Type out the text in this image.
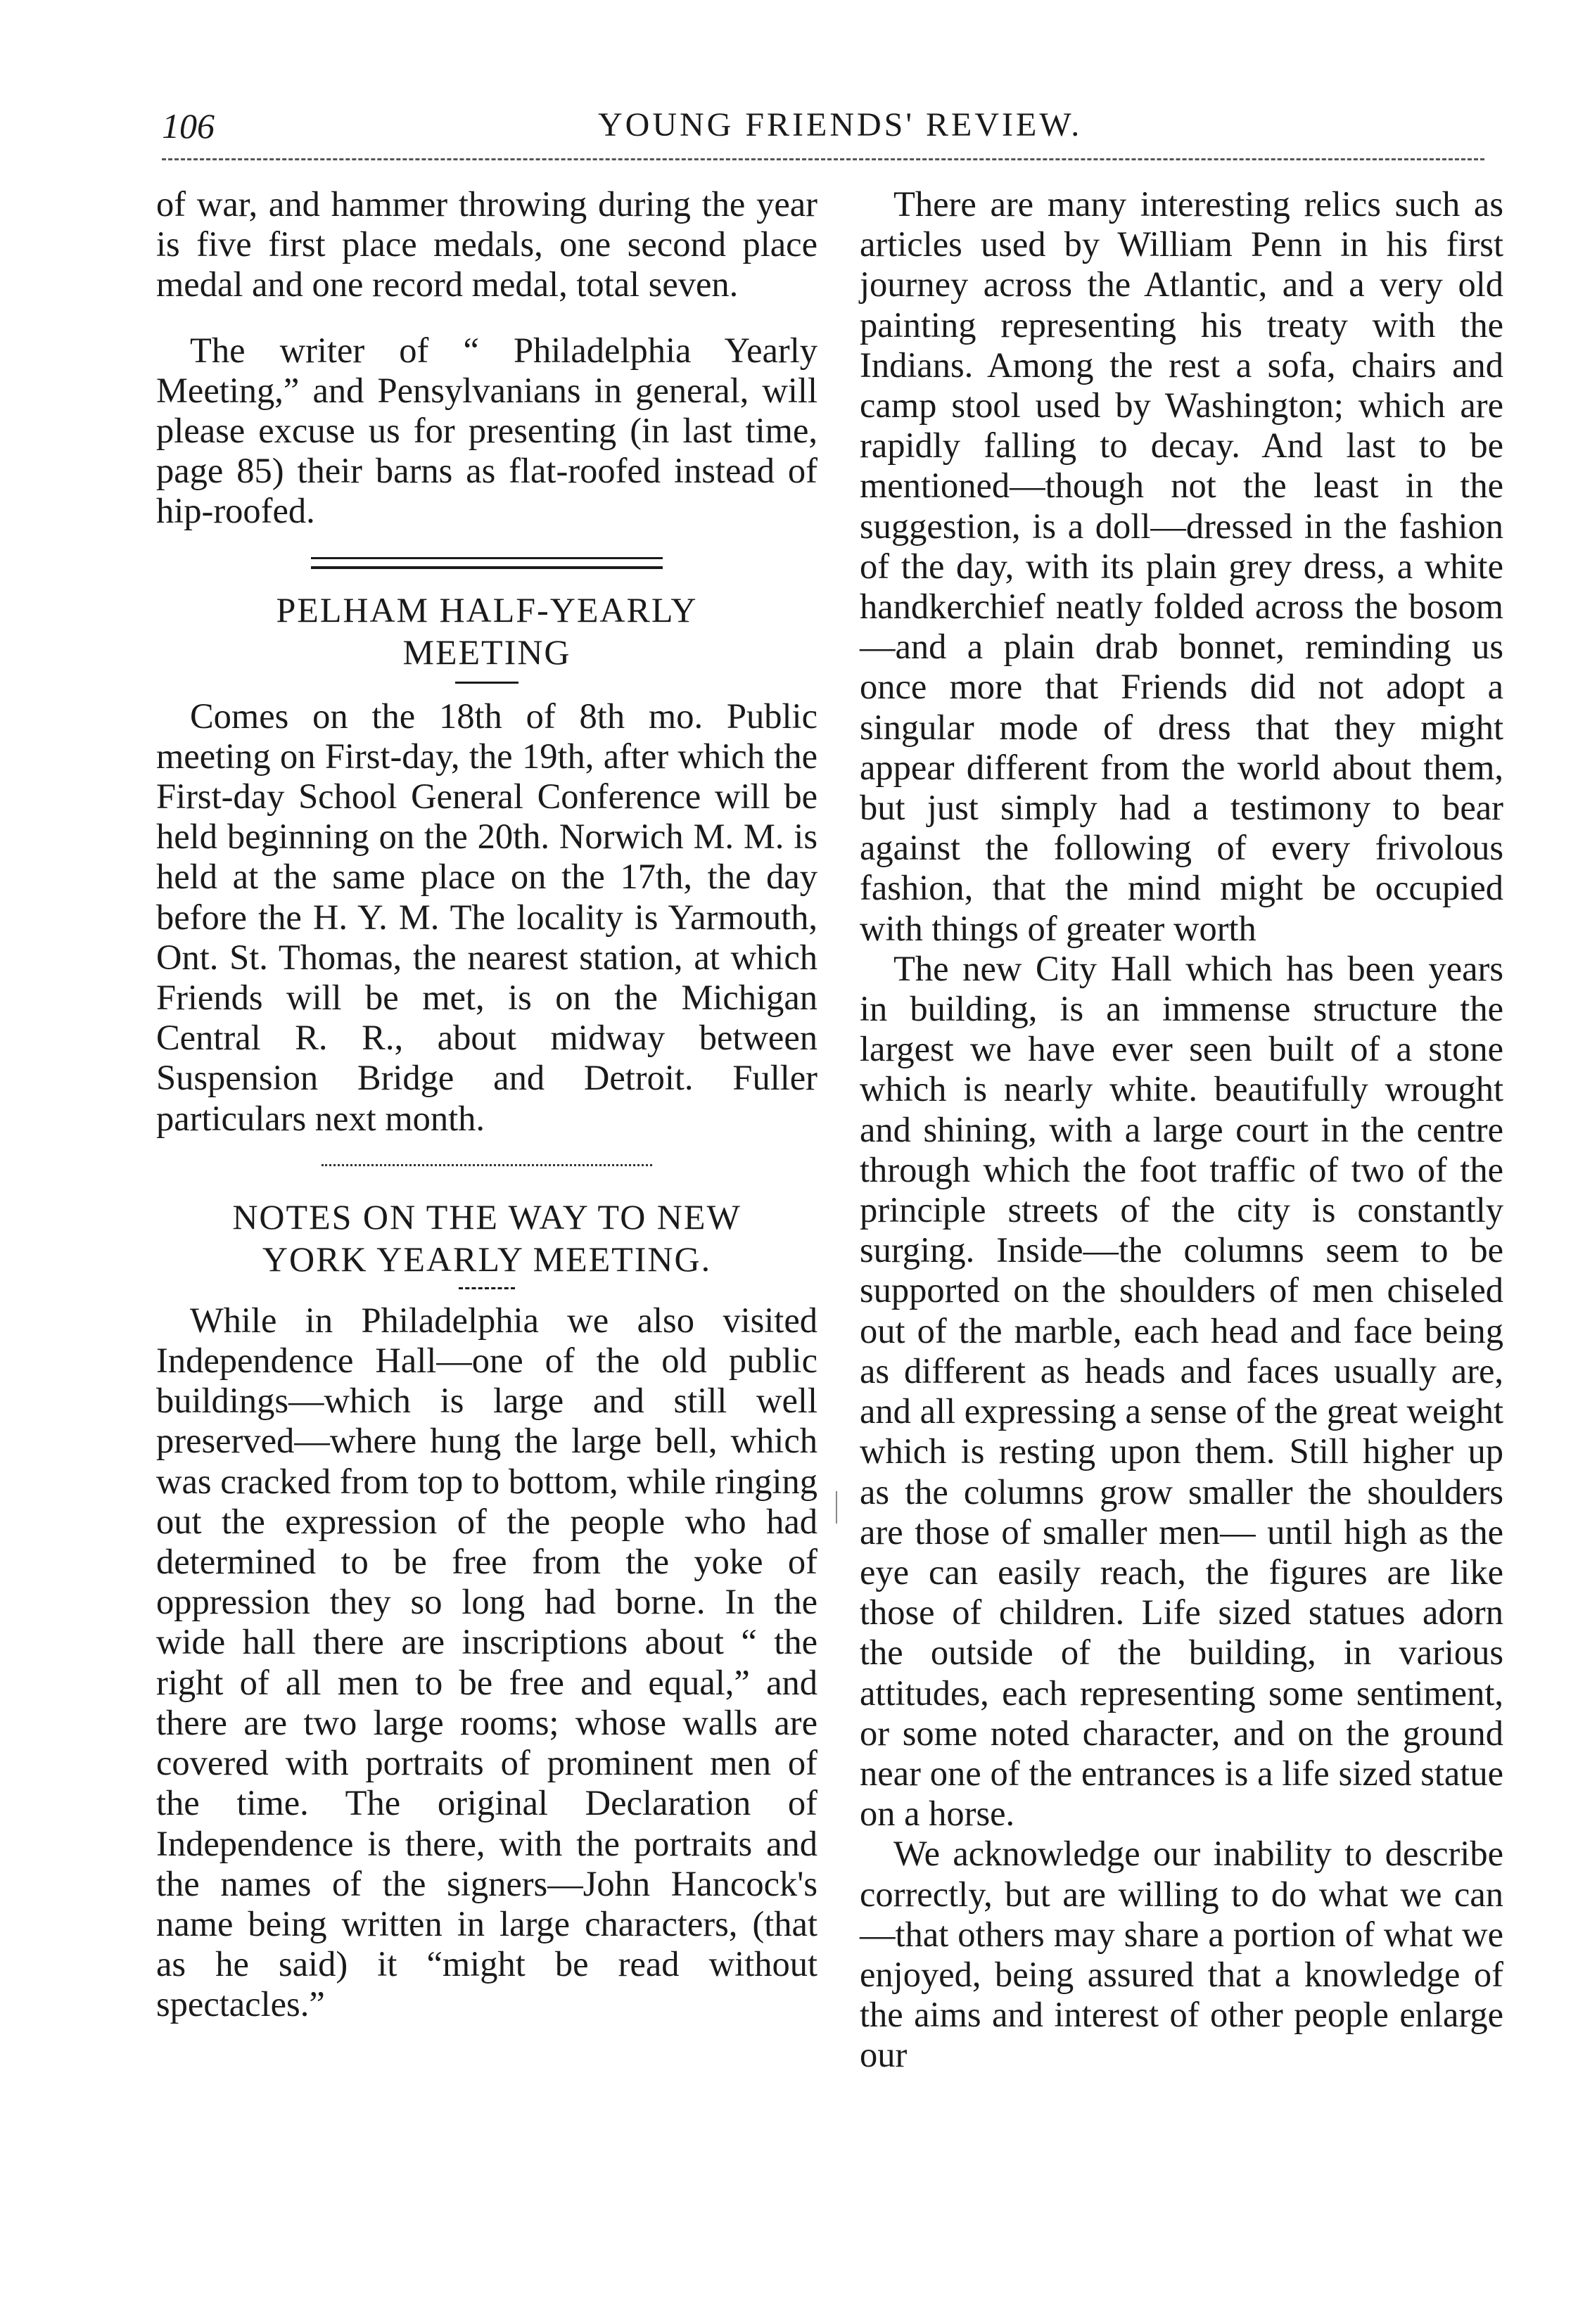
106	YOUNG FRIENDS' REVIEW.

of war, and hammer throwing during the year is five first place medals, one second place medal and one record medal, total seven.

The writer of “ Philadelphia Yearly Meeting,” and Pensylvanians in general, will please excuse us for presenting (in last time, page 85) their barns as flat-roofed instead of hip-roofed.

PELHAM HALF-YEARLY

MEETING

Comes on the 18th of 8th mo. Public meeting on First-day, the 19th, after which the First-day School General Conference will be held beginning on the 20th. Norwich M. M. is held at the same place on the 17th, the day before the H. Y. M. The locality is Yarmouth, Ont. St. Thomas, the nearest station, at which Friends will be met, is on the Michigan Central R. R., about midway between Suspension Bridge and Detroit. Fuller particulars next month.

NOTES ON THE WAY TO NEW

YORK YEARLY MEETING.

While in Philadelphia we also visited Independence Hall—one of the old public buildings—which is large and still well preserved—where hung the large bell, which was cracked from top to bottom, while ringing out the expression of the people who had determined to be free from the yoke of oppression they so long had borne. In the wide hall there are inscriptions about “ the right of all men to be free and equal,” and there are two large rooms; whose walls are covered with portraits of prominent men of the time. The original Declaration of Independence is there, with the portraits and the names of the signers—John Hancock's name being written in large characters, (that as he said) it “might be read without spectacles.”

There are many interesting relics such as articles used by William Penn in his first journey across the Atlantic, and a very old painting representing his treaty with the Indians. Among the rest a sofa, chairs and camp stool used by Washington; which are rapidly falling to decay. And last to be mentioned—though not the least in the suggestion, is a doll—dressed in the fashion of the day, with its plain grey dress, a white handkerchief neatly folded across the bosom—and a plain drab bonnet, reminding us once more that Friends did not adopt a singular mode of dress that they might appear different from the world about them, but just simply had a testimony to bear against the following of every frivolous fashion, that the mind might be occupied with things of greater worth

The new City Hall which has been years in building, is an immense structure the largest we have ever seen built of a stone which is nearly white. beautifully wrought and shining, with a large court in the centre through which the foot traffic of two of the principle streets of the city is constantly surging. Inside—the columns seem to be supported on the shoulders of men chiseled out of the marble, each head and face being as different as heads and faces usually are, and all expressing a sense of the great weight which is resting upon them. Still higher up as the columns grow smaller the shoulders are those of smaller men— until high as the eye can easily reach, the figures are like those of children. Life sized statues adorn the outside of the building, in various attitudes, each representing some sentiment, or some noted character, and on the ground near one of the entrances is a life sized statue on a horse.

We acknowledge our inability to describe correctly, but are willing to do what we can—that others may share a portion of what we enjoyed, being assured that a knowledge of the aims and interest of other people enlarge our
